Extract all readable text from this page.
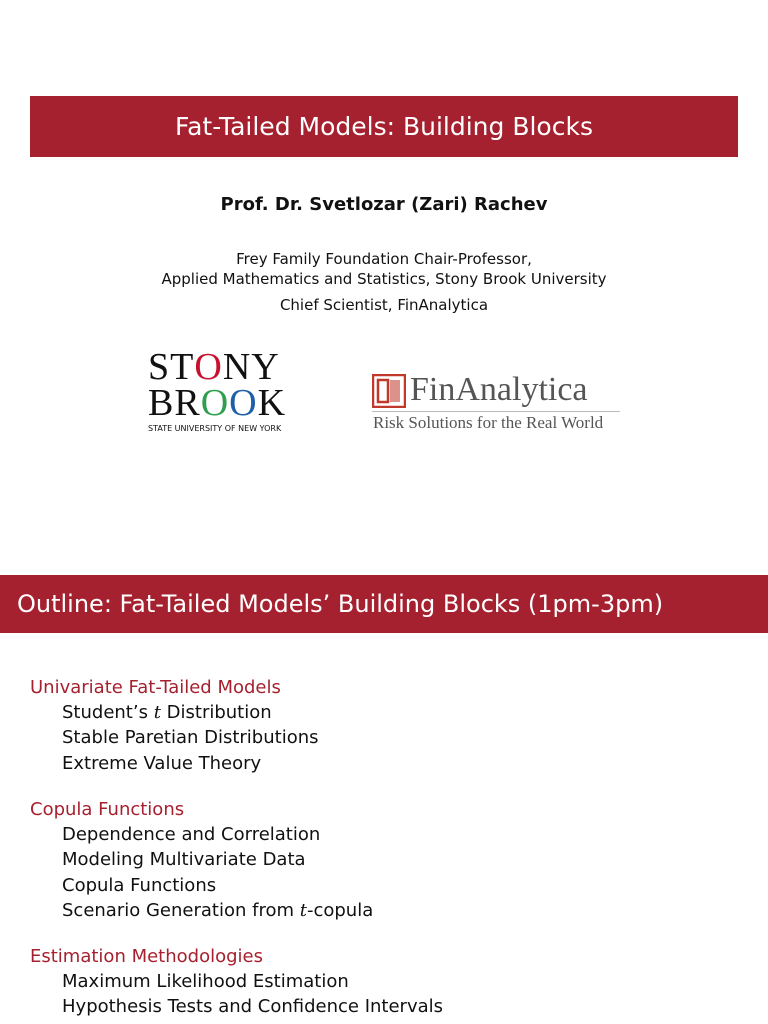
Fat-Tailed Models: Building Blocks
Prof. Dr. Svetlozar (Zari) Rachev
Frey Family Foundation Chair-Professor,
Applied Mathematics and Statistics, Stony Brook University
Chief Scientist, FinAnalytica
STONY
BROOK
STATE UNIVERSITY OF NEW YORK
FinAnalytica
Risk Solutions for the Real World
Outline: Fat-Tailed Models’ Building Blocks (1pm-3pm)
Univariate Fat-Tailed Models
Student’s t Distribution
Stable Paretian Distributions
Extreme Value Theory
Copula Functions
Dependence and Correlation
Modeling Multivariate Data
Copula Functions
Scenario Generation from t-copula
Estimation Methodologies
Maximum Likelihood Estimation
Hypothesis Tests and Confidence Intervals
